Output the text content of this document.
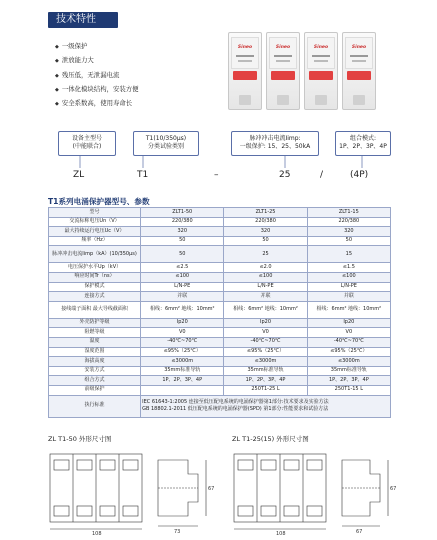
技术特性
◆ 一级保护
◆ 泄放能力大
◆ 残压低，无泄漏电流
◆ 一体化模块结构，安装方便
◆ 安全系数高，使用寿命长
Sineo	Sineo	Sineo	Sineo
设备主型号
(中能联合)
T1(10/350μs)
分类试验类别
脉冲冲击电流Iimp:
一级保护: 15、25、50kA
组合模式:
1P、2P、3P、4P
ZL	T1	–	25	/	(4P)
T1系列电涌保护器型号、参数
型号	ZLT1-50	ZLT1-25	ZLT1-15
交流标称电压Un（V）	220/380	220/380	220/380
最大持续运行电压Uc（V）	320	320	320
频率（Hz）	50	50	50
脉冲冲击电流Iimp（kA）(10/350μs)	50	25	15
电压保护水平Up（kV）	≤2.5	≤2.0	≤1.5
响应时间Tr（ns）	≤100	≤100	≤100
保护模式	L/N-PE	L/N-PE	L/N-PE
连接方式	并联	并联	并联
接线端子面积 最大导线截面积	相线：6mm² 地线：10mm²	相线：6mm² 地线：10mm²	相线：6mm² 地线：10mm²
外壳防护等级	Ip20	Ip20	Ip20
阻燃等级	V0	V0	V0
温度	-40℃~70℃	-40℃~70℃	-40℃~70℃
湿度范围	≤95%（25℃）	≤95%（25℃）	≤95%（25℃）
海拔高度	≤3000m	≤3000m	≤3000m
安装方式	35mm标准导轨	35mm标准导轨	35mm标准导轨
组合方式	1P、2P、3P、4P	1P、2P、3P、4P	1P、2P、3P、4P
前级保护		250T1-25 L	250T1-15 L
执行标准	IEC 61643-1:2005 连接至低压配电系统的电涌保护器第1部分:技术要求及实验方法
GB 18802.1-2011 低压配电系统的电涌保护器(SPD) 第1部分:性能要求和试验方法		
ZL T1-50 外形尺寸图	ZL T1-25(15) 外形尺寸图
108	73
67
108	67
67
